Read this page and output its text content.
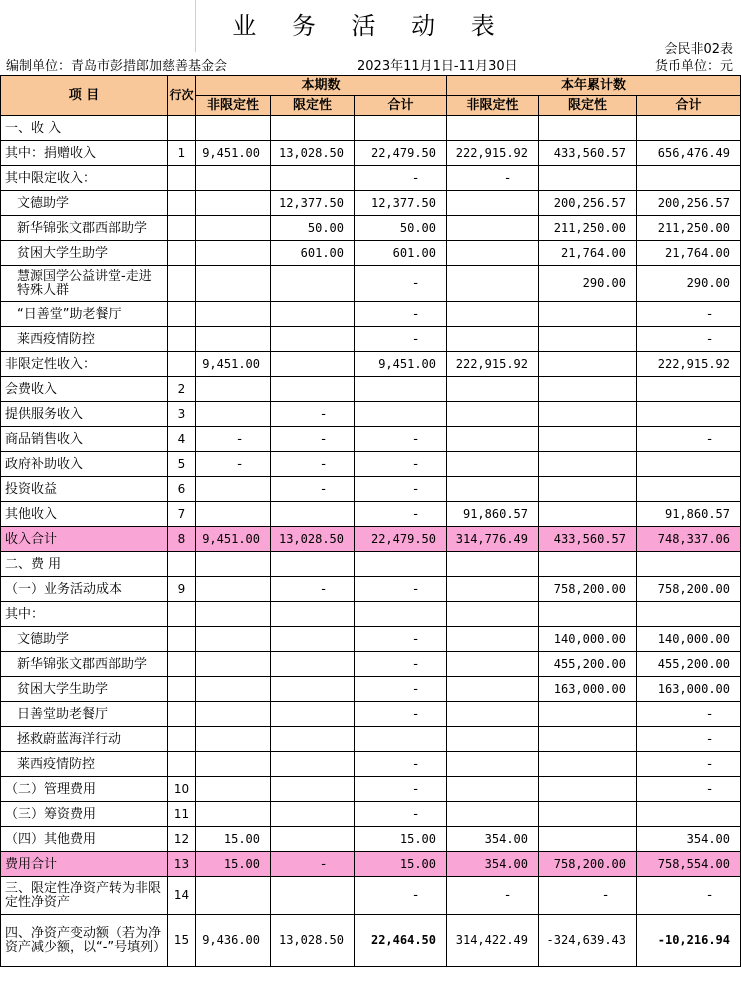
业 务 活 动 表
会民非02表
编制单位：青岛市彭措郎加慈善基金会	2023年11月1日-11月30日	货币单位：元
项 目	行次	本期数			本年累计数		
		非限定性	限定性	合计	非限定性	限定性	合计
一、收 入							
其中：捐赠收入	1	9,451.00	13,028.50	22,479.50	222,915.92	433,560.57	656,476.49
其中限定收入：				-	-		
文德助学			12,377.50	12,377.50		200,256.57	200,256.57
新华锦张文郡西部助学			50.00	50.00		211,250.00	211,250.00
贫困大学生助学			601.00	601.00		21,764.00	21,764.00
慧源国学公益讲堂-走进特殊人群				-		290.00	290.00
“日善堂”助老餐厅				-			-
莱西疫情防控				-			-
非限定性收入：		9,451.00		9,451.00	222,915.92		222,915.92
会费收入	2						
提供服务收入	3		-				
商品销售收入	4	-	-	-			-
政府补助收入	5	-	-	-			
投资收益	6		-	-			
其他收入	7			-	91,860.57		91,860.57
收入合计	8	9,451.00	13,028.50	22,479.50	314,776.49	433,560.57	748,337.06
二、费 用							
（一）业务活动成本	9		-	-		758,200.00	758,200.00
其中：							
文德助学				-		140,000.00	140,000.00
新华锦张文郡西部助学				-		455,200.00	455,200.00
贫困大学生助学				-		163,000.00	163,000.00
日善堂助老餐厅				-			-
拯救蔚蓝海洋行动							-
莱西疫情防控				-			-
（二）管理费用	10			-			-
（三）筹资费用	11			-			
（四）其他费用	12	15.00		15.00	354.00		354.00
费用合计	13	15.00	-	15.00	354.00	758,200.00	758,554.00
三、限定性净资产转为非限定性净资产	14			-	-	-	-
四、净资产变动额（若为净资产减少额，以“-”号填列）	15	9,436.00	13,028.50	22,464.50	314,422.49	-324,639.43	-10,216.94
